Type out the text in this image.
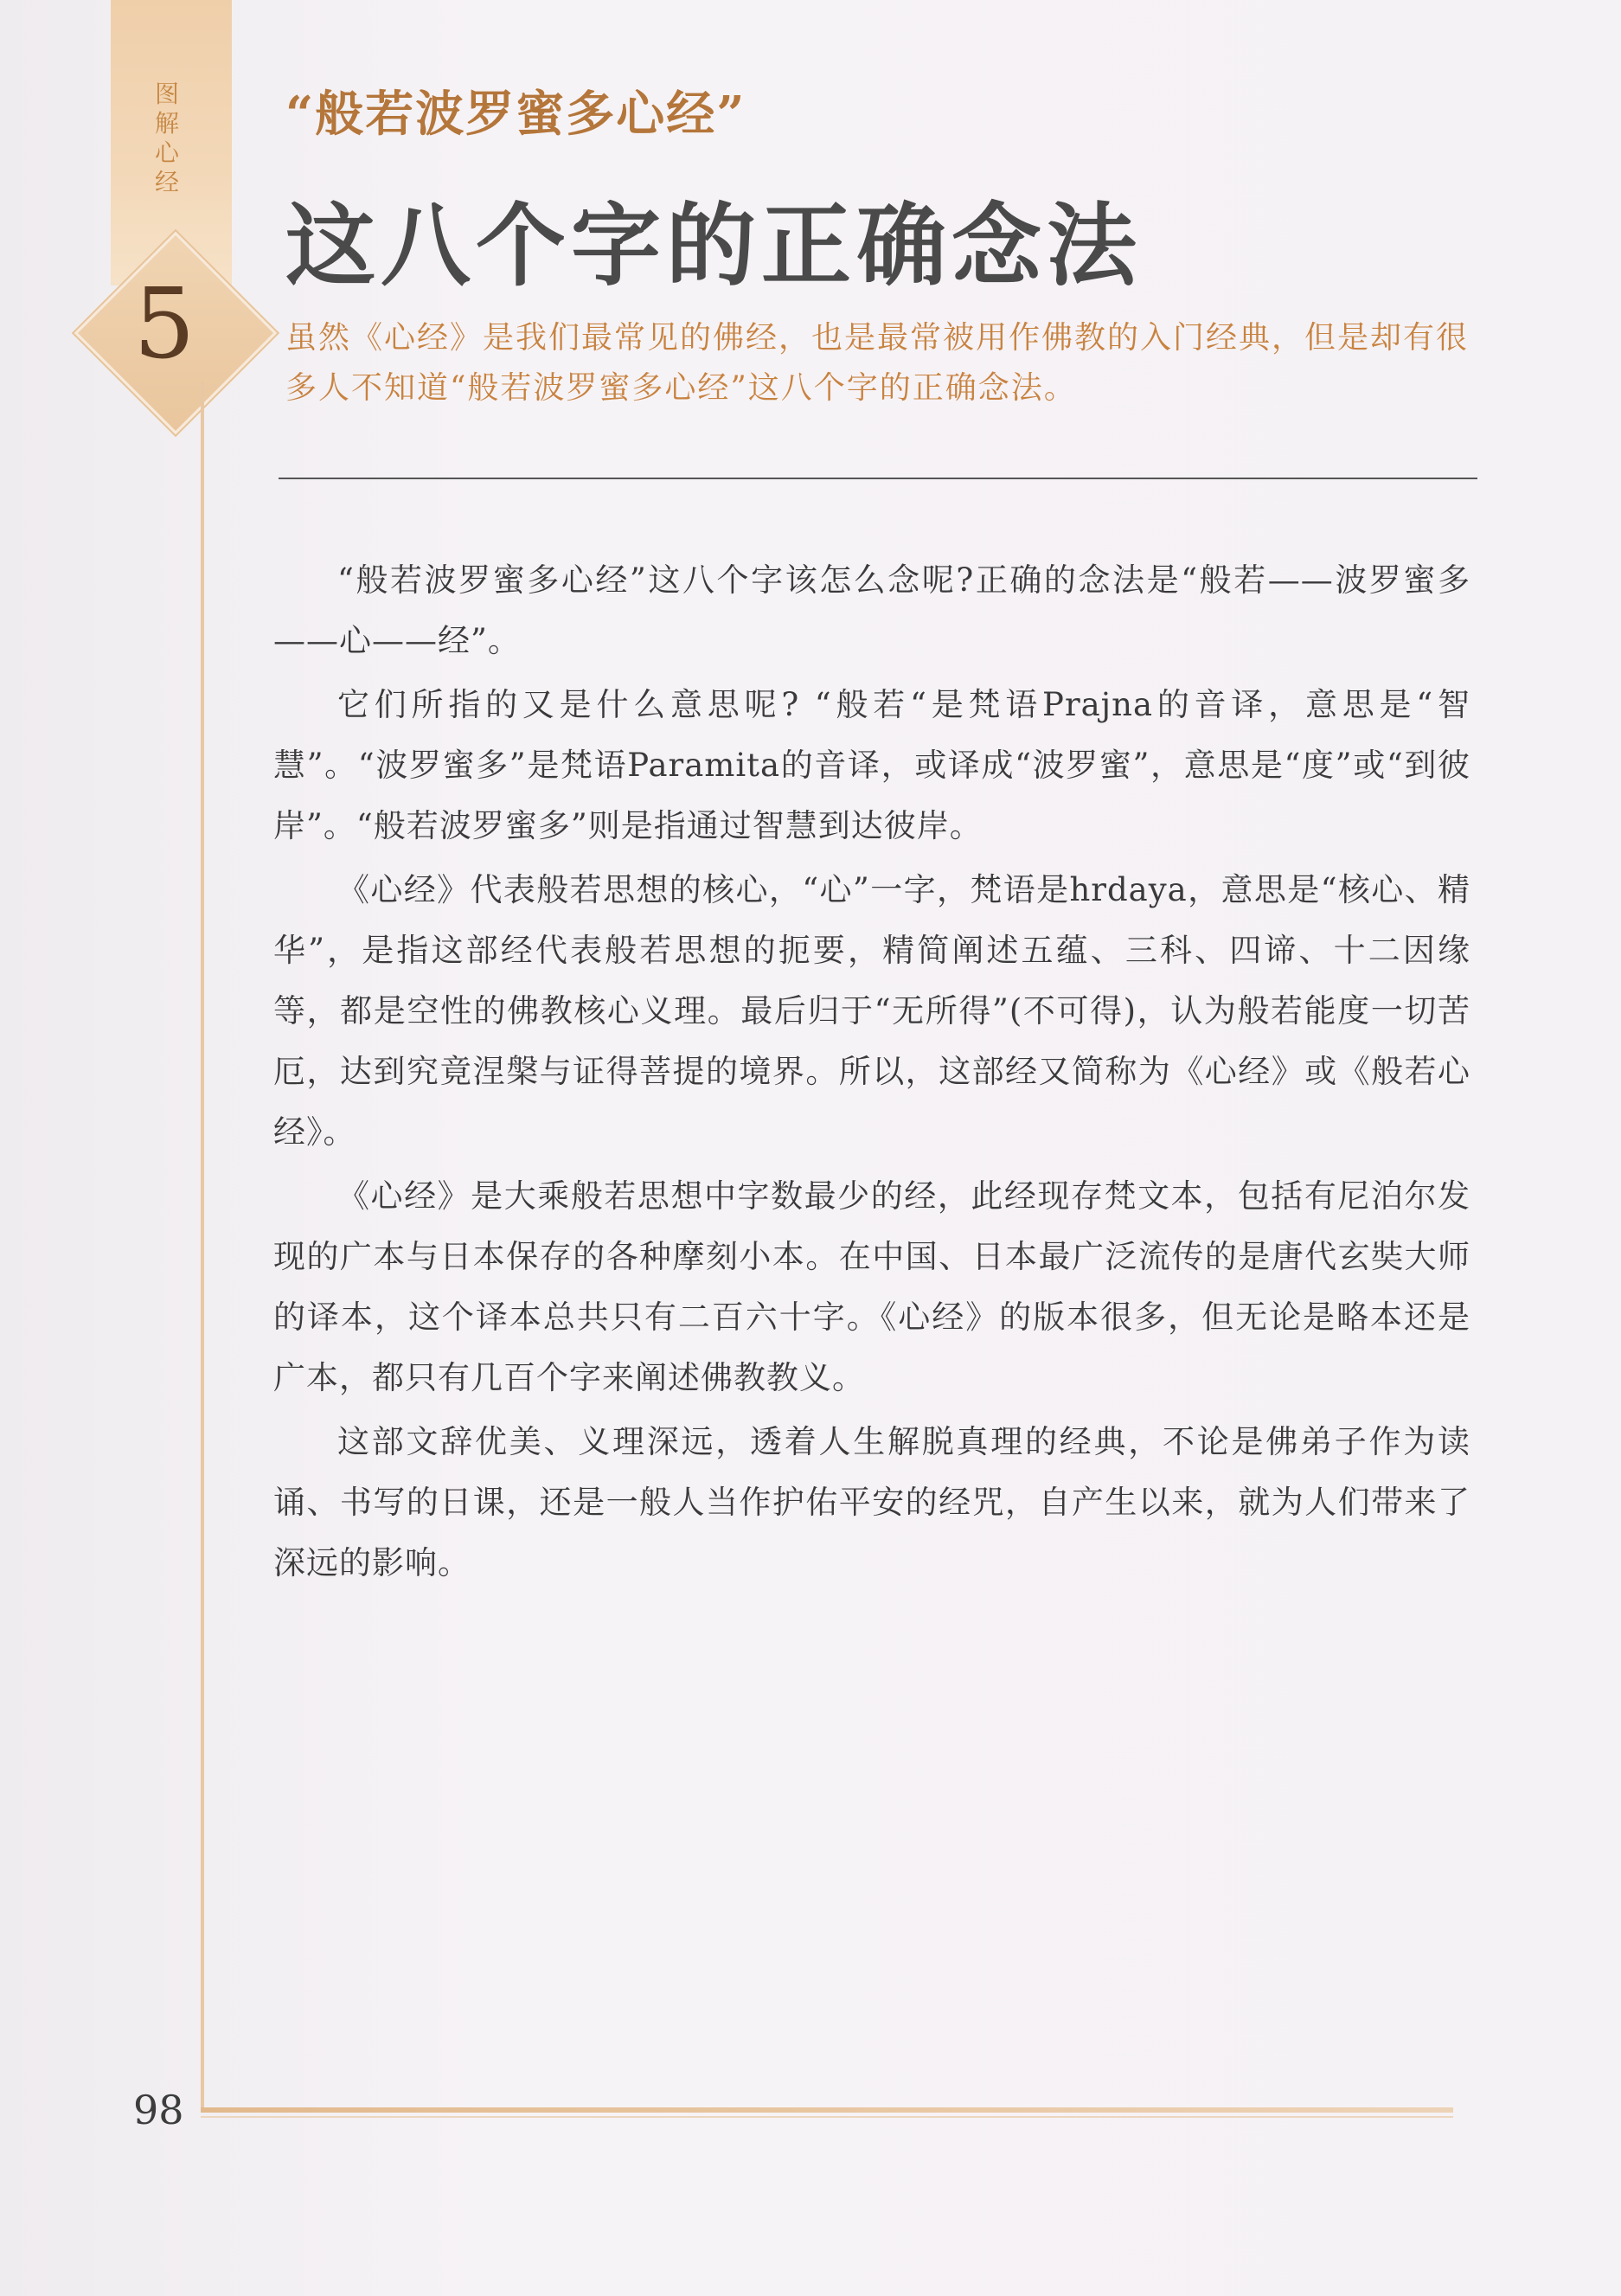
图解心经
5
“般若波罗蜜多心经”
这八个字的正确念法
虽然《心经》是我们最常见的佛经，也是最常被用作佛教的入门经典，但是却有很多人不知道“般若波罗蜜多心经”这八个字的正确念法。

“般若波罗蜜多心经”这八个字该怎么念呢?正确的念法是“般若——波罗蜜多——心——经”。

它们所指的又是什么意思呢? “般若“是梵语Prajna的音译，意思是“智慧”。“波罗蜜多”是梵语Paramita的音译，或译成“波罗蜜”，意思是“度”或“到彼岸”。“般若波罗蜜多”则是指通过智慧到达彼岸。

《心经》代表般若思想的核心，“心”一字，梵语是hrdaya，意思是“核心、精华”，是指这部经代表般若思想的扼要，精简阐述五蕴、三科、四谛、十二因缘等，都是空性的佛教核心义理。最后归于“无所得”(不可得)，认为般若能度一切苦厄，达到究竟涅槃与证得菩提的境界。所以，这部经又简称为《心经》或《般若心经》。

《心经》是大乘般若思想中字数最少的经，此经现存梵文本，包括有尼泊尔发现的广本与日本保存的各种摩刻小本。在中国、日本最广泛流传的是唐代玄奘大师的译本，这个译本总共只有二百六十字。《心经》的版本很多，但无论是略本还是广本，都只有几百个字来阐述佛教教义。

这部文辞优美、义理深远，透着人生解脱真理的经典，不论是佛弟子作为读诵、书写的日课，还是一般人当作护佑平安的经咒，自产生以来，就为人们带来了深远的影响。

98
